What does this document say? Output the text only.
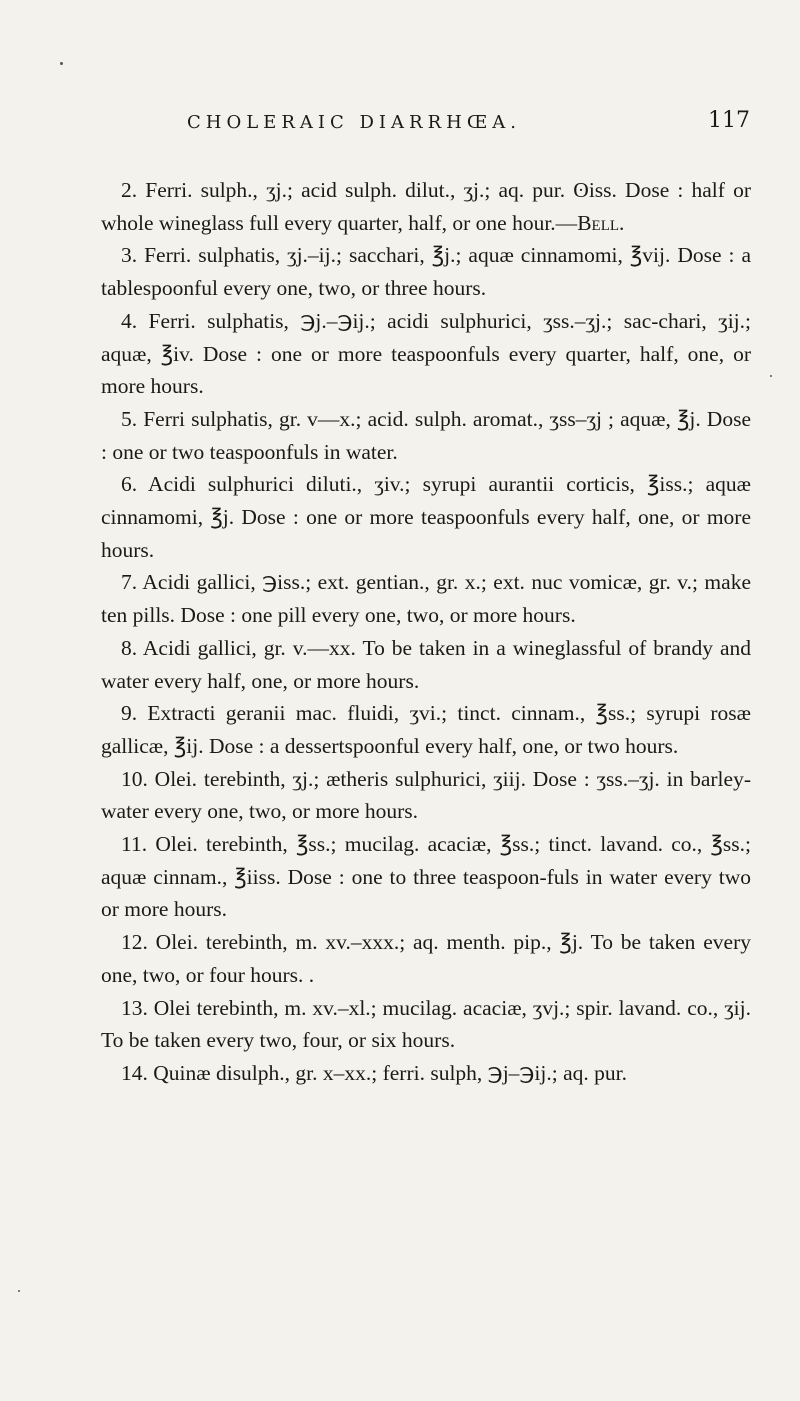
CHOLERAIC DIARRHŒA.	117

2. Ferri. sulph., ʒj.; acid sulph. dilut., ʒj.; aq. pur. ʘiss. Dose : half or whole wineglass full every quarter, half, or one hour.—Bell.

3. Ferri. sulphatis, ʒj.–ij.; sacchari, ℥j.; aquæ cinnamomi, ℥vij. Dose : a tablespoonful every one, two, or three hours.

4. Ferri. sulphatis, ℈j.–℈ij.; acidi sulphurici, ʒss.–ʒj.; sac-chari, ʒij.; aquæ, ℥iv. Dose : one or more teaspoonfuls every quarter, half, one, or more hours.

5. Ferri sulphatis, gr. v—x.; acid. sulph. aromat., ʒss–ʒj ; aquæ, ℥j. Dose : one or two teaspoonfuls in water.

6. Acidi sulphurici diluti., ʒiv.; syrupi aurantii corticis, ℥iss.; aquæ cinnamomi, ℥j. Dose : one or more teaspoonfuls every half, one, or more hours.

7. Acidi gallici, ℈iss.; ext. gentian., gr. x.; ext. nuc vomicæ, gr. v.; make ten pills. Dose : one pill every one, two, or more hours.

8. Acidi gallici, gr. v.—xx. To be taken in a wineglassful of brandy and water every half, one, or more hours.

9. Extracti geranii mac. fluidi, ʒvi.; tinct. cinnam., ℥ss.; syrupi rosæ gallicæ, ℥ij. Dose : a dessertspoonful every half, one, or two hours.

10. Olei. terebinth, ʒj.; ætheris sulphurici, ʒiij. Dose : ʒss.–ʒj. in barley-water every one, two, or more hours.

11. Olei. terebinth, ℥ss.; mucilag. acaciæ, ℥ss.; tinct. lavand. co., ℥ss.; aquæ cinnam., ℥iiss. Dose : one to three teaspoon-fuls in water every two or more hours.

12. Olei. terebinth, m. xv.–xxx.; aq. menth. pip., ℥j. To be taken every one, two, or four hours. .

13. Olei terebinth, m. xv.–xl.; mucilag. acaciæ, ʒvj.; spir. lavand. co., ʒij. To be taken every two, four, or six hours.

14. Quinæ disulph., gr. x–xx.; ferri. sulph, ℈j–℈ij.; aq. pur.
